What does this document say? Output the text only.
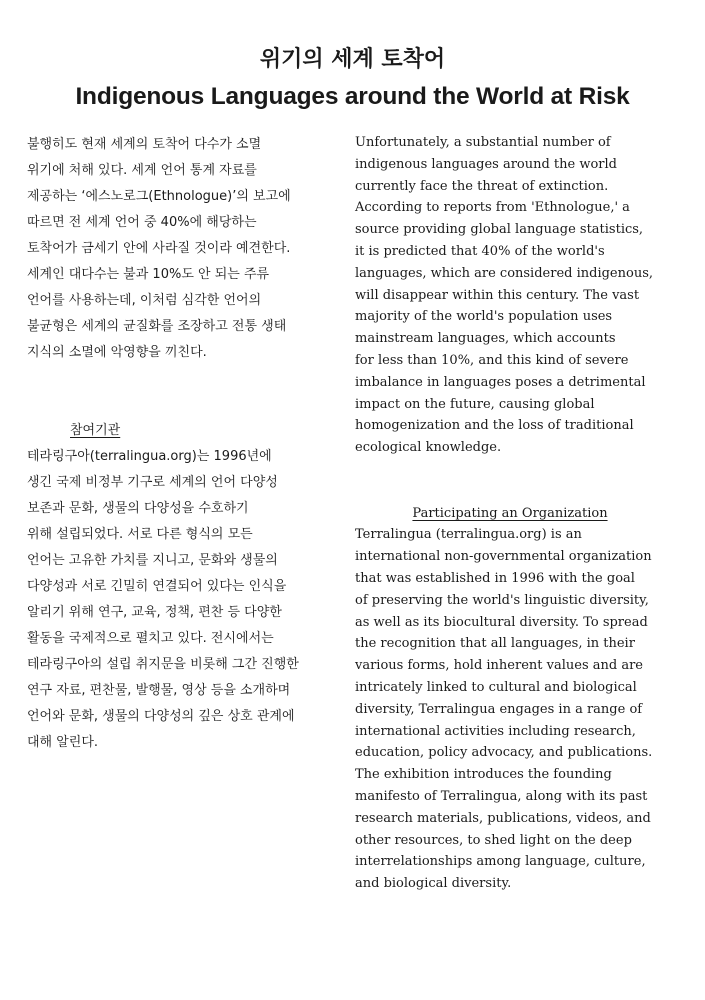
위기의 세계 토착어
Indigenous Languages around the World at Risk

불행히도 현재 세계의 토착어 다수가 소멸
위기에 처해 있다. 세계 언어 통계 자료를
제공하는 ‘에스노로그(Ethnologue)’의 보고에
따르면 전 세계 언어 중 40%에 해당하는
토착어가 금세기 안에 사라질 것이라 예견한다.
세계인 대다수는 불과 10%도 안 되는 주류
언어를 사용하는데, 이처럼 심각한 언어의
불균형은 세계의 균질화를 조장하고 전통 생태
지식의 소멸에 악영향을 끼친다.

참여기관

테라링구아(terralingua.org)는 1996년에
생긴 국제 비정부 기구로 세계의 언어 다양성
보존과 문화, 생물의 다양성을 수호하기
위해 설립되었다. 서로 다른 형식의 모든
언어는 고유한 가치를 지니고, 문화와 생물의
다양성과 서로 긴밀히 연결되어 있다는 인식을
알리기 위해 연구, 교육, 정책, 편찬 등 다양한
활동을 국제적으로 펼치고 있다. 전시에서는
테라링구아의 설립 취지문을 비롯해 그간 진행한
연구 자료, 편찬물, 발행물, 영상 등을 소개하며
언어와 문화, 생물의 다양성의 깊은 상호 관계에
대해 알린다.

Unfortunately, a substantial number of
indigenous languages around the world
currently face the threat of extinction.
According to reports from 'Ethnologue,' a
source providing global language statistics,
it is predicted that 40% of the world's
languages, which are considered indigenous,
will disappear within this century. The vast
majority of the world's population uses
mainstream languages, which accounts
for less than 10%, and this kind of severe
imbalance in languages poses a detrimental
impact on the future, causing global
homogenization and the loss of traditional
ecological knowledge.

Participating an Organization

Terralingua (terralingua.org) is an
international non-governmental organization
that was established in 1996 with the goal
of preserving the world's linguistic diversity,
as well as its biocultural diversity. To spread
the recognition that all languages, in their
various forms, hold inherent values and are
intricately linked to cultural and biological
diversity, Terralingua engages in a range of
international activities including research,
education, policy advocacy, and publications.
The exhibition introduces the founding
manifesto of Terralingua, along with its past
research materials, publications, videos, and
other resources, to shed light on the deep
interrelationships among language, culture,
and biological diversity.
